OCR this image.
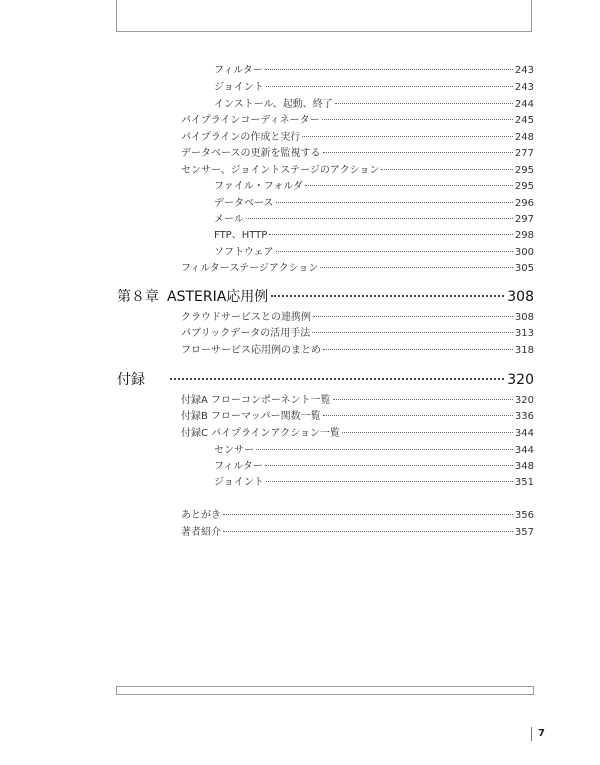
フィルター	243
ジョイント	243
インストール、起動、終了	244
パイプラインコーディネーター	245
パイプラインの作成と実行	248
データベースの更新を監視する	277
センサー、ジョイントステージのアクション	295
ファイル・フォルダ	295
データベース	296
メール	297
FTP、HTTP	298
ソフトウェア	300
フィルターステージアクション	305
第８章 ASTERIA応用例	308
クラウドサービスとの連携例	308
パブリックデータの活用手法	313
フローサービス応用例のまとめ	318
付録	320
付録A フローコンポーネント一覧	320
付録B フローマッパー関数一覧	336
付録C パイプラインアクション一覧	344
センサー	344
フィルター	348
ジョイント	351
あとがき	356
著者紹介	357
7
